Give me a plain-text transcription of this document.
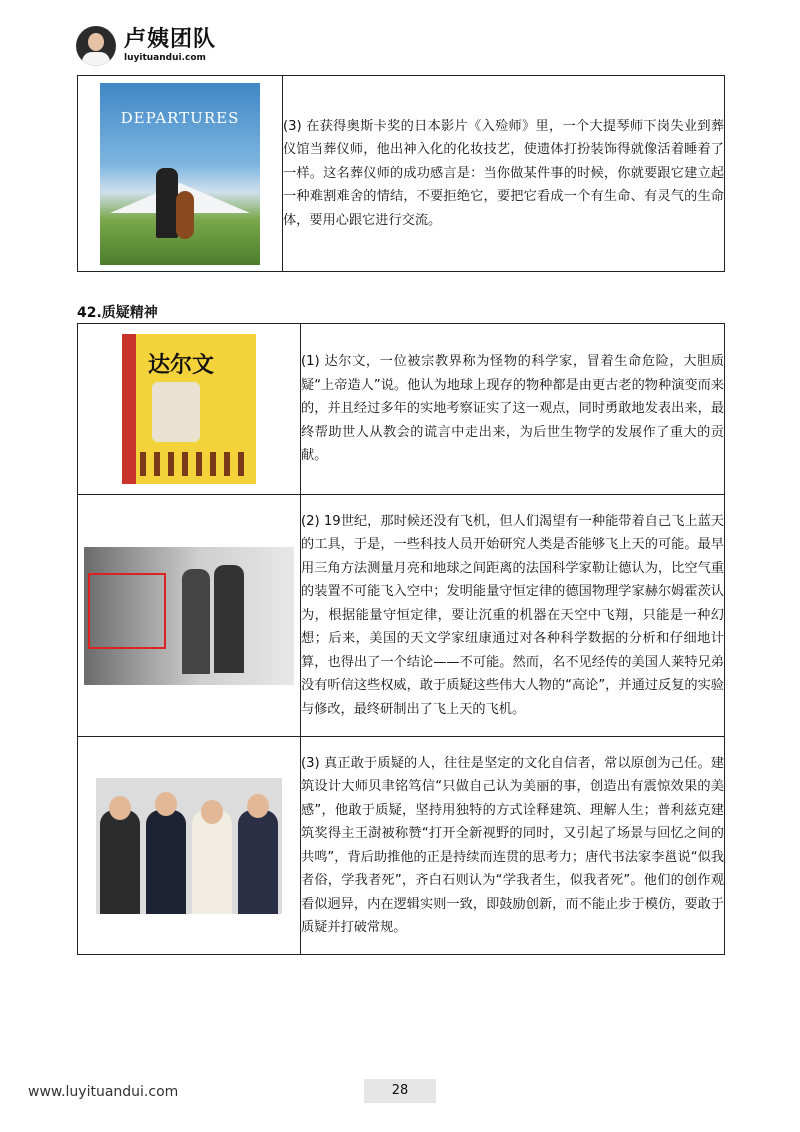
卢姨团队
luyituandui.com
DEPARTURES	(3) 在获得奥斯卡奖的日本影片《入殓师》里，一个大提琴师下岗失业到葬仪馆当葬仪师，他出神入化的化妆技艺，使遗体打扮装饰得就像活着睡着了一样。这名葬仪师的成功感言是：当你做某件事的时候，你就要跟它建立起一种难割难舍的情结，不要拒绝它，要把它看成一个有生命、有灵气的生命体，要用心跟它进行交流。
42.质疑精神
达尔文	(1) 达尔文，一位被宗教界称为怪物的科学家，冒着生命危险，大胆质疑“上帝造人”说。他认为地球上现存的物种都是由更古老的物种演变而来的，并且经过多年的实地考察证实了这一观点，同时勇敢地发表出来，最终帮助世人从教会的谎言中走出来，为后世生物学的发展作了重大的贡献。

	(2) 19世纪，那时候还没有飞机，但人们渴望有一种能带着自己飞上蓝天的工具，于是，一些科技人员开始研究人类是否能够飞上天的可能。最早用三角方法测量月亮和地球之间距离的法国科学家勒让德认为，比空气重的装置不可能飞入空中；发明能量守恒定律的德国物理学家赫尔姆霍茨认为，根据能量守恒定律，要让沉重的机器在天空中飞翔，只能是一种幻想；后来，美国的天文学家纽康通过对各种科学数据的分析和仔细地计算，也得出了一个结论——不可能。然而，名不见经传的美国人莱特兄弟没有听信这些权威，敢于质疑这些伟大人物的“高论”，并通过反复的实验与修改，最终研制出了飞上天的飞机。

	(3) 真正敢于质疑的人，往往是坚定的文化自信者，常以原创为己任。建筑设计大师贝聿铭笃信“只做自己认为美丽的事，创造出有震惊效果的美感”，他敢于质疑，坚持用独特的方式诠释建筑、理解人生；普利兹克建筑奖得主王澍被称赞“打开全新视野的同时，又引起了场景与回忆之间的共鸣”，背后助推他的正是持续而连贯的思考力；唐代书法家李邕说“似我者俗，学我者死”，齐白石则认为“学我者生，似我者死”。他们的创作观看似迥异，内在逻辑实则一致，即鼓励创新，而不能止步于模仿，要敢于质疑并打破常规。
www.luyituandui.com	28
